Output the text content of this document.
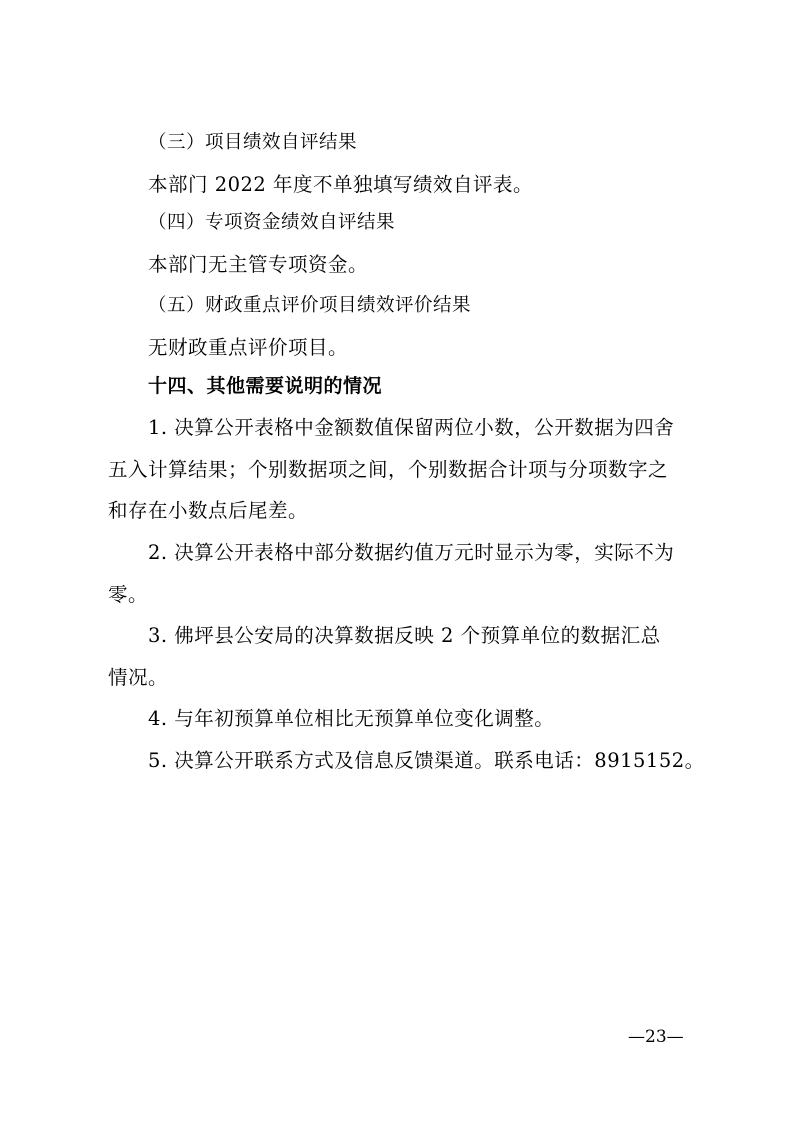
（三）项目绩效自评结果
本部门 2022 年度不单独填写绩效自评表。
（四）专项资金绩效自评结果
本部门无主管专项资金。
（五）财政重点评价项目绩效评价结果
无财政重点评价项目。
十四、其他需要说明的情况
1. 决算公开表格中金额数值保留两位小数，公开数据为四舍
五入计算结果；个别数据项之间，个别数据合计项与分项数字之
和存在小数点后尾差。
2. 决算公开表格中部分数据约值万元时显示为零，实际不为
零。
3. 佛坪县公安局的决算数据反映 2 个预算单位的数据汇总
情况。
4. 与年初预算单位相比无预算单位变化调整。
5. 决算公开联系方式及信息反馈渠道。联系电话：8915152。
—23—
